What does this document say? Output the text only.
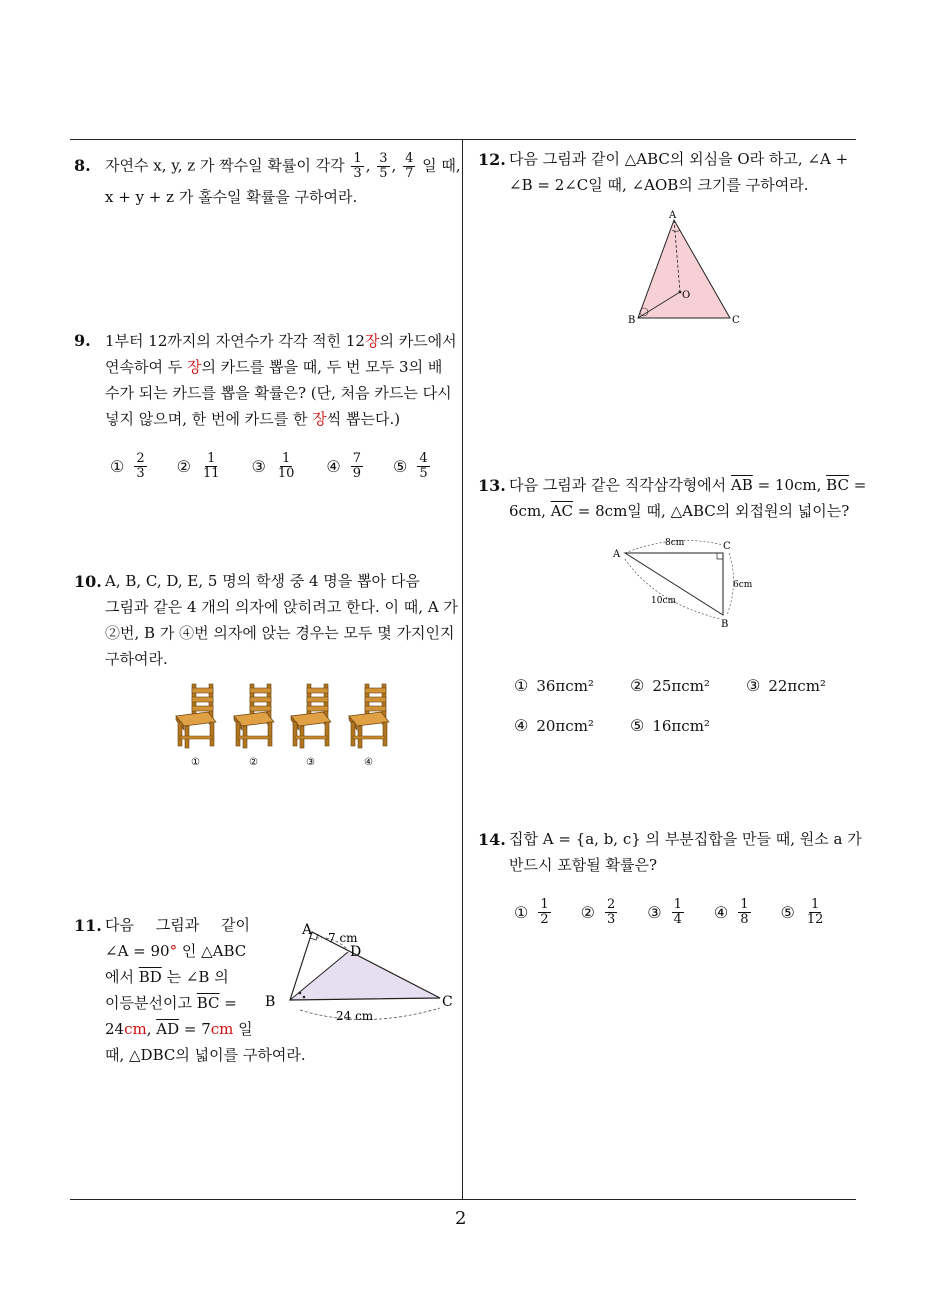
8. 자연수 x, y, z 가 짝수일 확률이 각각 $\frac{1}{3}$ , $\frac{3}{5}$ , $\frac{4}{7}$ 일 때,
x + y + z 가 홀수일 확률을 구하여라.
9. 1부터 12까지의 자연수가 각각 적힌 12장의 카드에서
연속하여 두 장의 카드를 뽑을 때, 두 번 모두 3의 배
수가 되는 카드를 뽑을 확률은? (단, 처음 카드는 다시
넣지 않으며, 한 번에 카드를 한 장씩 뽑는다.)
① $\frac{2}{3}$ ② $\frac{1}{11}$ ③ $\frac{1}{10}$ ④ $\frac{7}{9}$ ⑤ $\frac{4}{5}$
10. A, B, C, D, E, 5 명의 학생 중 4 명을 뽑아 다음
그림과 같은 4 개의 의자에 앉히려고 한다. 이 때, A 가
②번, B 가 ④번 의자에 앉는 경우는 모두 몇 가지인지
구하여라.
①	②	③	④
11. 다음 그림과 같이
∠A = 90° 인 △ABC
에서 $\overline{BD}$ 는 ∠B 의
이등분선이고 $\overline{BC}$ =
24cm, $\overline{AD} = 7cm$ 일
때, △DBC의 넓이를 구하여라.
A
B	C
D
7 cm
24 cm
12. 다음 그림과 같이 △ABC의 외심을 O라 하고, ∠A +
∠B = 2∠C일 때, ∠AOB의 크기를 구하여라.
A
B	C
O
13. 다음 그림과 같은 직각삼각형에서 $\overline{AB} = 10cm$, $\overline{BC}$ =
6cm, $\overline{AC} = 8cm$일 때, △ABC의 외접원의 넓이는?
A
C
B
8cm
6cm
10cm
① 36πcm² ② 25πcm² ③ 22πcm²
④ 20πcm² ⑤ 16πcm²
14. 집합 A = {a, b, c} 의 부분집합을 만들 때, 원소 a 가
반드시 포함될 확률은?
① $\frac{1}{2}$ ② $\frac{2}{3}$ ③ $\frac{1}{4}$ ④ $\frac{1}{8}$ ⑤ $\frac{1}{12}$
2
